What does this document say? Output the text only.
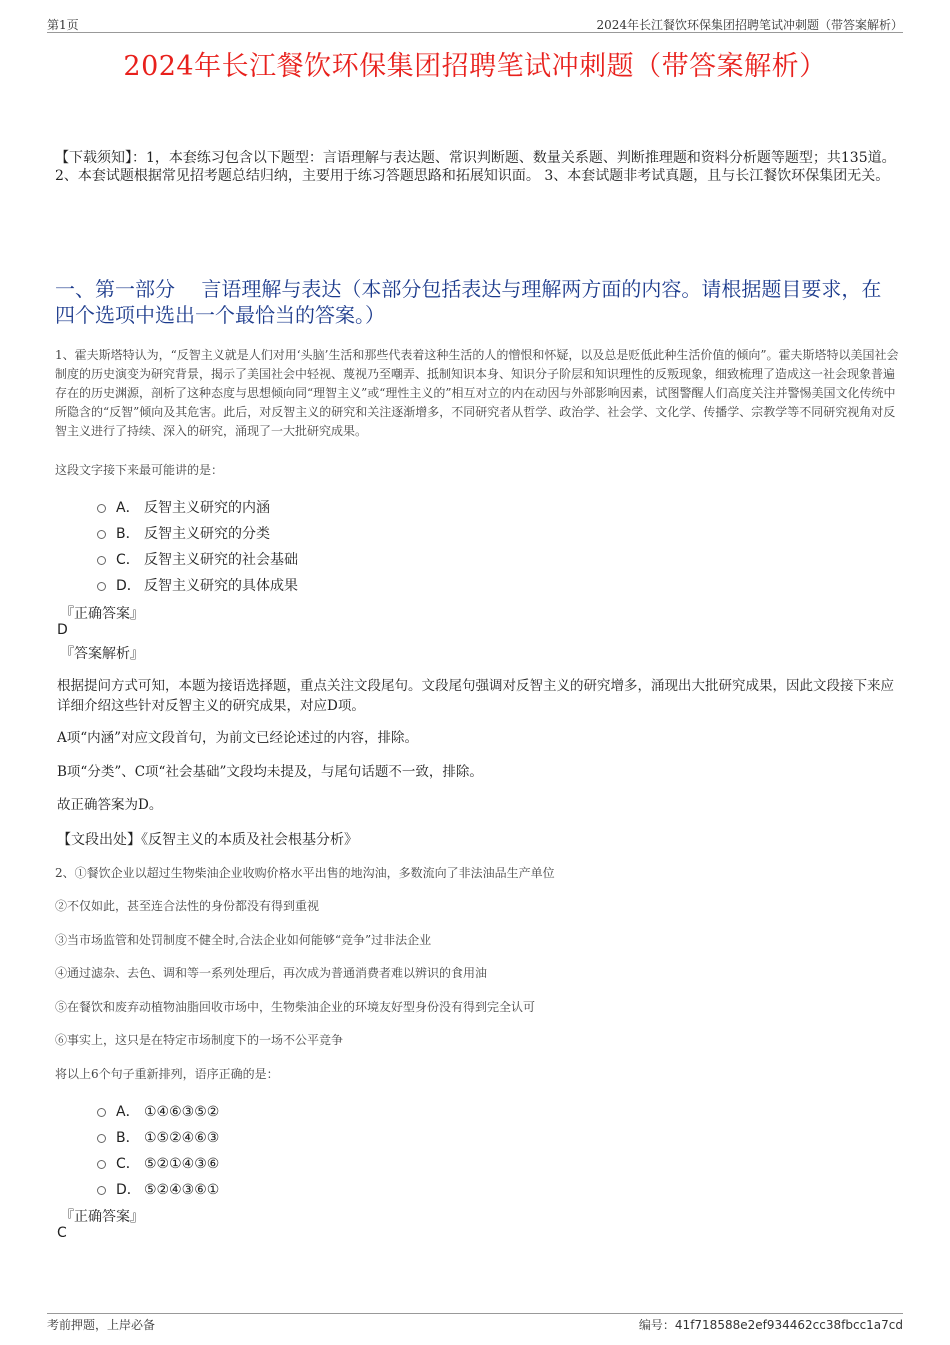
第1页	2024年长江餐饮环保集团招聘笔试冲刺题（带答案解析）
2024年长江餐饮环保集团招聘笔试冲刺题（带答案解析）
【下载须知】：1，本套练习包含以下题型：言语理解与表达题、常识判断题、数量关系题、判断推理题和资料分析题等题型；共135道。 2、本套试题根据常见招考题总结归纳，主要用于练习答题思路和拓展知识面。 3、本套试题非考试真题，且与长江餐饮环保集团无关。
一、第一部分　 言语理解与表达（本部分包括表达与理解两方面的内容。请根据题目要求，在四个选项中选出一个最恰当的答案。）
1、霍夫斯塔特认为，“反智主义就是人们对用‘头脑’生活和那些代表着这种生活的人的憎恨和怀疑，以及总是贬低此种生活价值的倾向”。霍夫斯塔特以美国社会制度的历史演变为研究背景，揭示了美国社会中轻视、蔑视乃至嘲弄、抵制知识本身、知识分子阶层和知识理性的反叛现象，细致梳理了造成这一社会现象普遍存在的历史渊源，剖析了这种态度与思想倾向同“理智主义”或“理性主义的”相互对立的内在动因与外部影响因素，试图警醒人们高度关注并警惕美国文化传统中所隐含的“反智”倾向及其危害。此后，对反智主义的研究和关注逐渐增多，不同研究者从哲学、政治学、社会学、文化学、传播学、宗教学等不同研究视角对反智主义进行了持续、深入的研究，涌现了一大批研究成果。
这段文字接下来最可能讲的是：
A． 反智主义研究的内涵
B． 反智主义研究的分类
C． 反智主义研究的社会基础
D． 反智主义研究的具体成果
『正确答案』
D
『答案解析』
根据提问方式可知，本题为接语选择题，重点关注文段尾句。文段尾句强调对反智主义的研究增多，涌现出大批研究成果，因此文段接下来应详细介绍这些针对反智主义的研究成果，对应D项。
A项“内涵”对应文段首句，为前文已经论述过的内容，排除。
B项“分类”、C项“社会基础”文段均未提及，与尾句话题不一致，排除。
故正确答案为D。
【文段出处】《反智主义的本质及社会根基分析》
2、①餐饮企业以超过生物柴油企业收购价格水平出售的地沟油，多数流向了非法油品生产单位
②不仅如此，甚至连合法性的身份都没有得到重视
③当市场监管和处罚制度不健全时,合法企业如何能够“竞争”过非法企业
④通过滤杂、去色、调和等一系列处理后，再次成为普通消费者难以辨识的食用油
⑤在餐饮和废弃动植物油脂回收市场中，生物柴油企业的环境友好型身份没有得到完全认可
⑥事实上，这只是在特定市场制度下的一场不公平竞争
将以上6个句子重新排列，语序正确的是：
A． ①④⑥③⑤②
B． ①⑤②④⑥③
C． ⑤②①④③⑥
D． ⑤②④③⑥①
『正确答案』
C
考前押题，上岸必备	编号：41f718588e2ef934462cc38fbcc1a7cd
